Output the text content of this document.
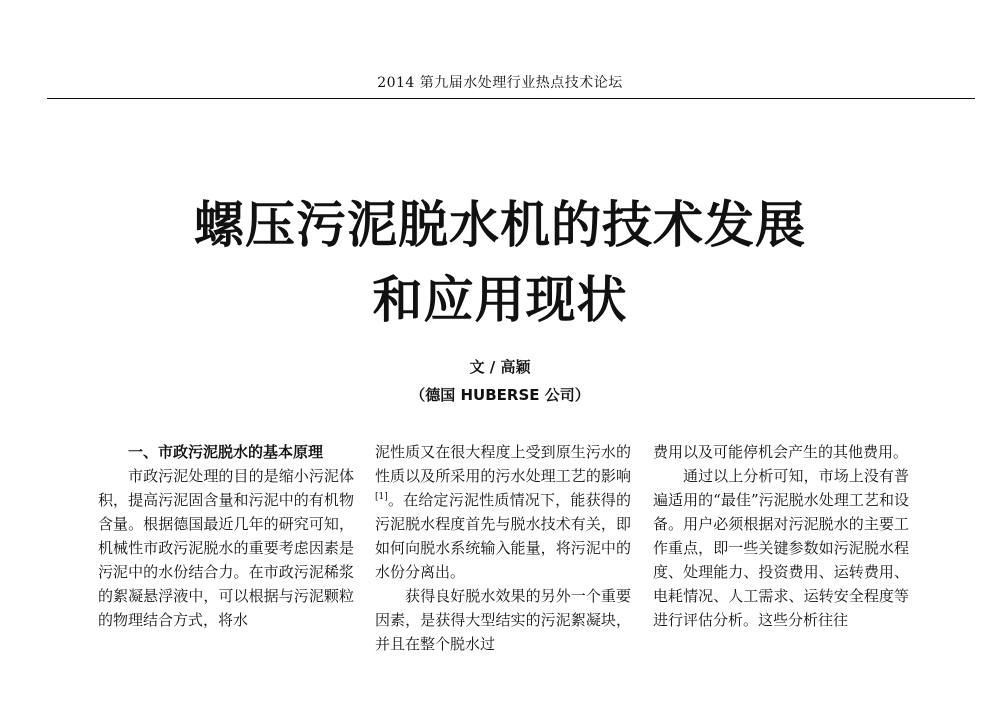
2014 第九届水处理行业热点技术论坛
螺压污泥脱水机的技术发展
和应用现状
文 / 高颖
（德国 HUBERSE 公司）

一、市政污泥脱水的基本原理

市政污泥处理的目的是缩小污泥体积，提高污泥固含量和污泥中的有机物含量。根据德国最近几年的研究可知，机械性市政污泥脱水的重要考虑因素是污泥中的水份结合力。在市政污泥稀浆的絮凝悬浮液中，可以根据与污泥颗粒的物理结合方式，将水

泥性质又在很大程度上受到原生污水的性质以及所采用的污水处理工艺的影响[1]。在给定污泥性质情况下，能获得的污泥脱水程度首先与脱水技术有关，即如何向脱水系统输入能量，将污泥中的水份分离出。

获得良好脱水效果的另外一个重要因素，是获得大型结实的污泥絮凝块，并且在整个脱水过

费用以及可能停机会产生的其他费用。

通过以上分析可知，市场上没有普遍适用的“最佳”污泥脱水处理工艺和设备。用户必须根据对污泥脱水的主要工作重点，即一些关键参数如污泥脱水程度、处理能力、投资费用、运转费用、电耗情况、人工需求、运转安全程度等进行评估分析。这些分析往往
